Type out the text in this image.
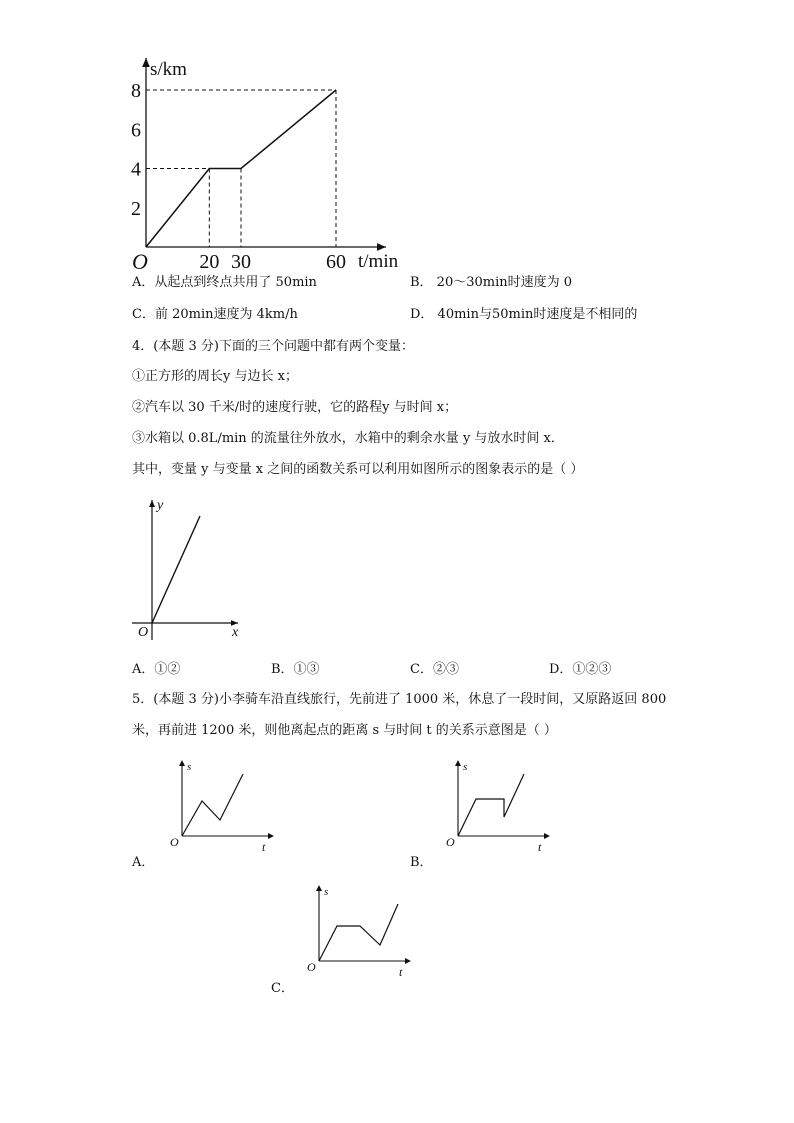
2
4
6
8
20 30	60
O
s/km
t/min
A．从起点到终点共用了 50min	B． 20～30min时速度为 0
C．前 20min速度为 4km/h	D． 40min与50min时速度是不相同的
4．(本题 3 分)下面的三个问题中都有两个变量：
①正方形的周长y 与边长 x；
②汽车以 30 千米/时的速度行驶，它的路程y 与时间 x；
③水箱以 0.8L/min 的流量往外放水，水箱中的剩余水量 y 与放水时间 x．
其中，变量 y 与变量 x 之间的函数关系可以利用如图所示的图象表示的是（ ）
y
x
O
A．①②	B．①③	C．②③	D．①②③
5．(本题 3 分)小李骑车沿直线旅行，先前进了 1000 米，休息了一段时间，又原路返回 800
米，再前进 1200 米，则他离起点的距离 s 与时间 t 的关系示意图是（ ）
s
t
O
s
t
O
s
t
O
A．	B．
C．
